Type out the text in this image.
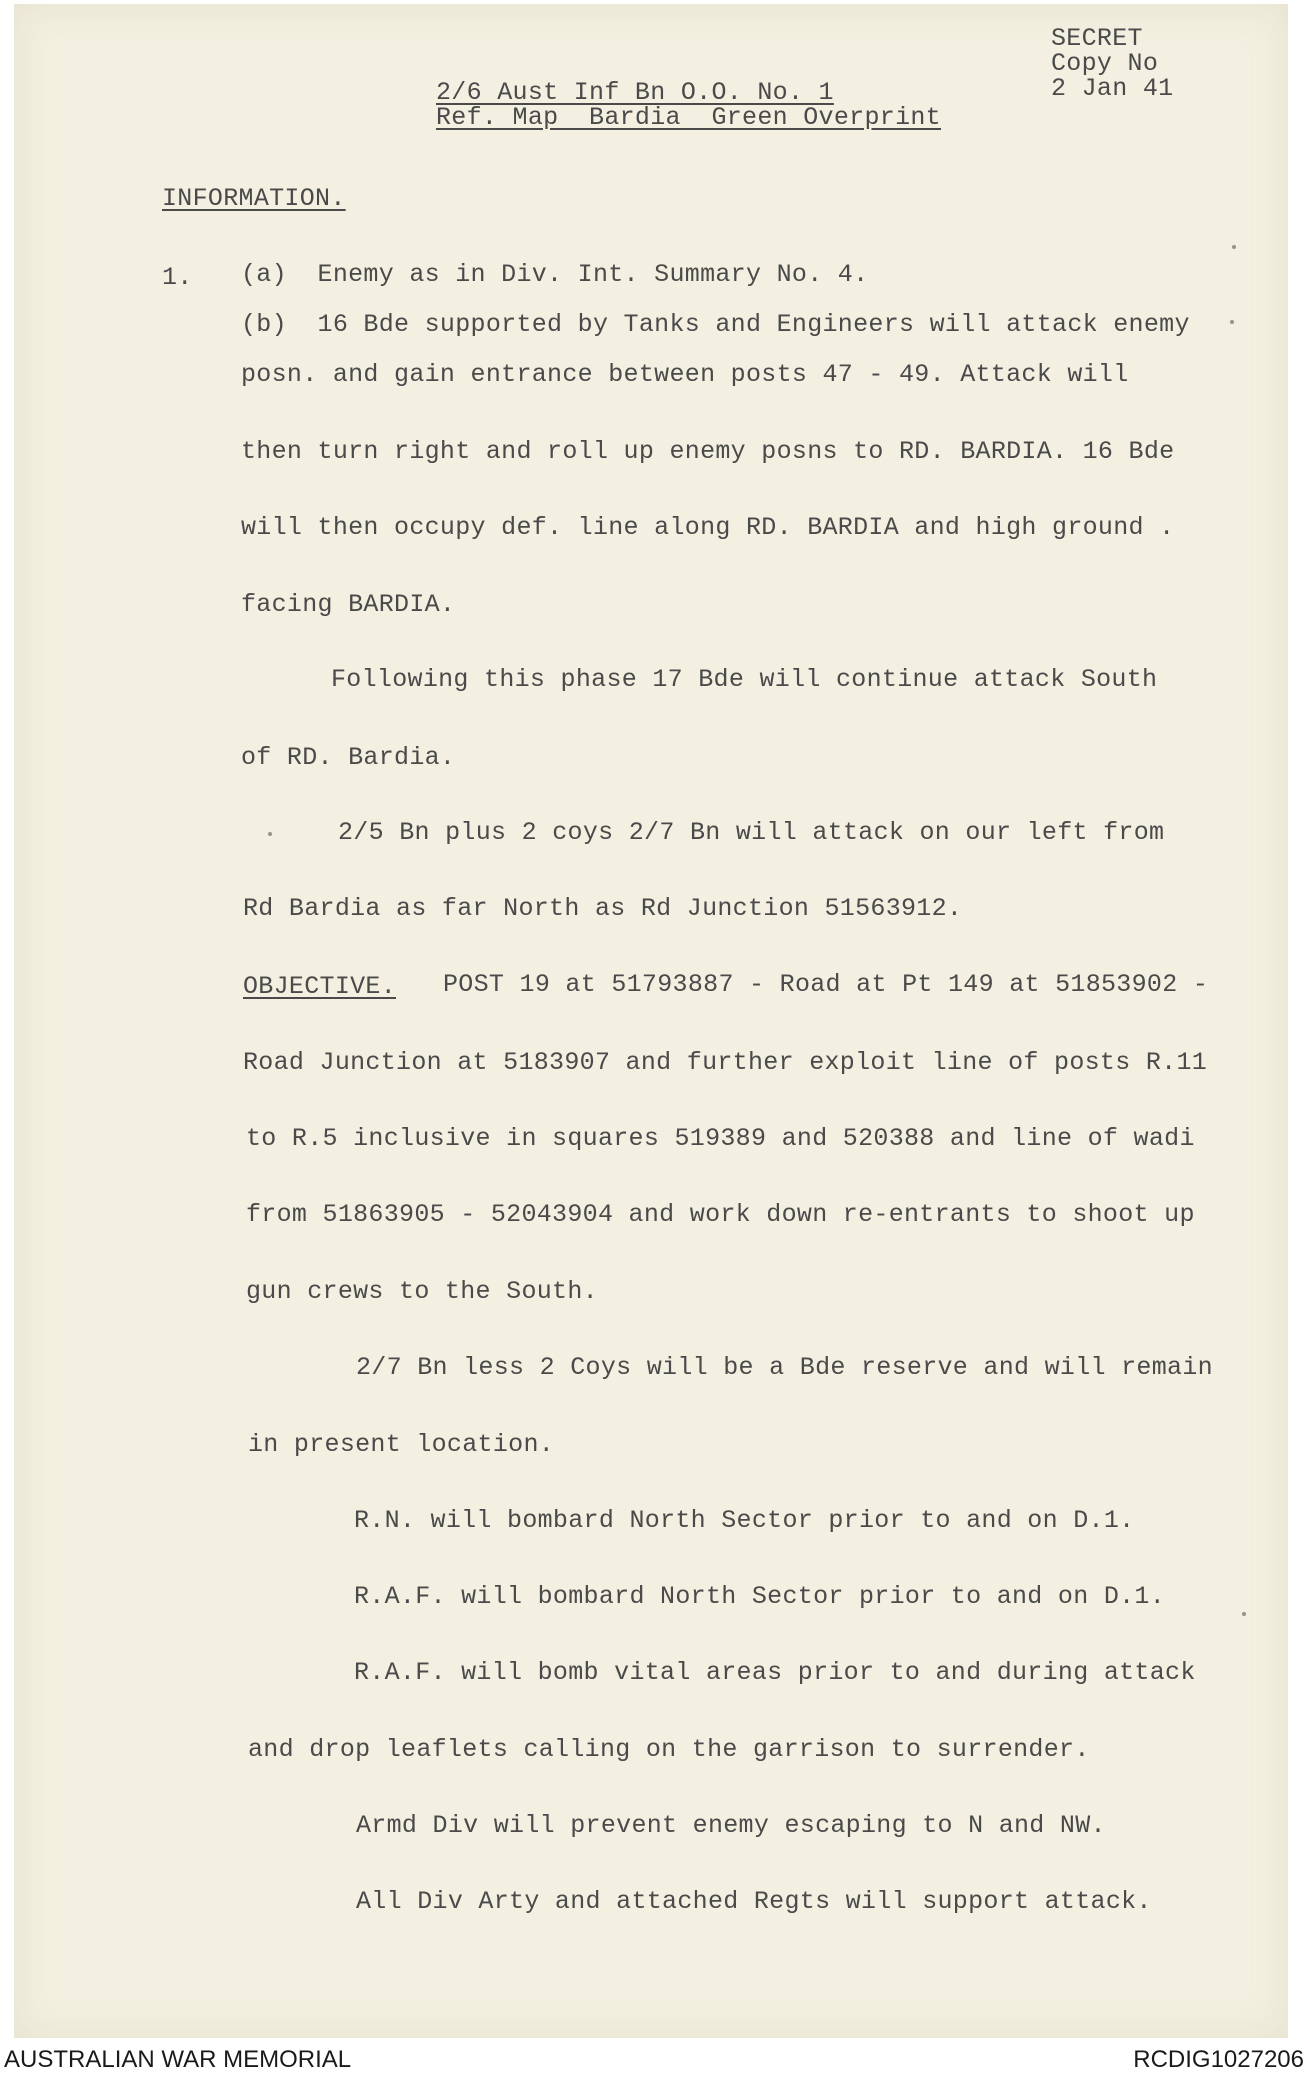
SECRET
Copy No
2 Jan 41
2/6 Aust Inf Bn O.O. No. 1
Ref. Map  Bardia  Green Overprint
INFORMATION.
1. (a)  Enemy as in Div. Int. Summary No. 4.
(b)  16 Bde supported by Tanks and Engineers will attack enemy
posn. and gain entrance between posts 47 - 49. Attack will
then turn right and roll up enemy posns to RD. BARDIA. 16 Bde
will then occupy def. line along RD. BARDIA and high ground .
facing BARDIA.
Following this phase 17 Bde will continue attack South
of RD. Bardia.
2/5 Bn plus 2 coys 2/7 Bn will attack on our left from
Rd Bardia as far North as Rd Junction 51563912.
OBJECTIVE. POST 19 at 51793887 - Road at Pt 149 at 51853902 -
Road Junction at 5183907 and further exploit line of posts R.11
to R.5 inclusive in squares 519389 and 520388 and line of wadi
from 51863905 - 52043904 and work down re-entrants to shoot up
gun crews to the South.
2/7 Bn less 2 Coys will be a Bde reserve and will remain
in present location.
R.N. will bombard North Sector prior to and on D.1.
R.A.F. will bombard North Sector prior to and on D.1.
R.A.F. will bomb vital areas prior to and during attack
and drop leaflets calling on the garrison to surrender.
Armd Div will prevent enemy escaping to N and NW.
All Div Arty and attached Regts will support attack.
AUSTRALIAN WAR MEMORIAL	RCDIG1027206
